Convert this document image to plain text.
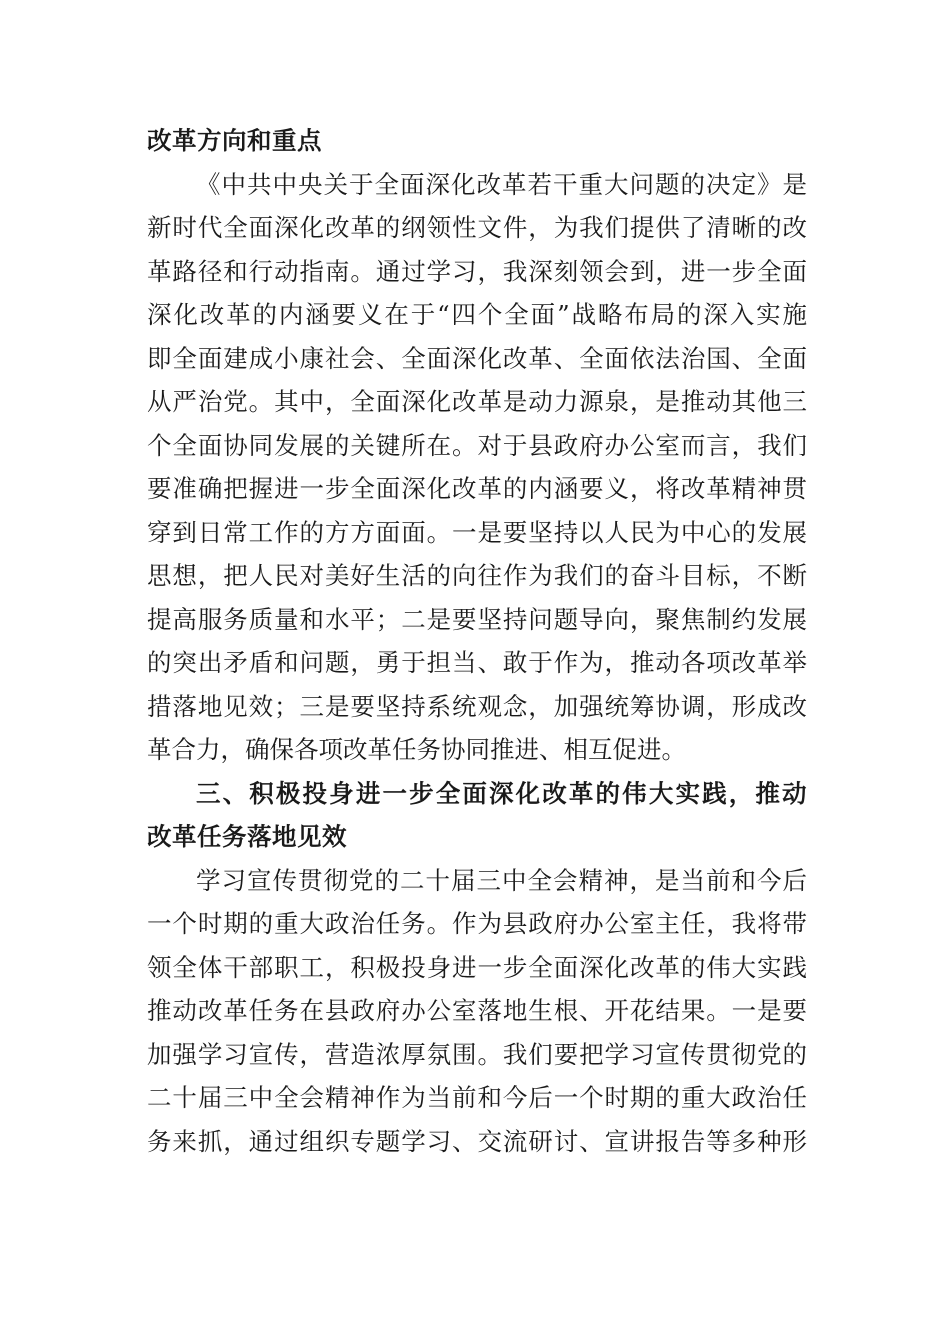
改革方向和重点
《中共中央关于全面深化改革若干重大问题的决定》是
新时代全面深化改革的纲领性文件，为我们提供了清晰的改
革路径和行动指南。通过学习，我深刻领会到，进一步全面
深化改革的内涵要义在于“四个全面”战略布局的深入实施
即全面建成小康社会、全面深化改革、全面依法治国、全面
从严治党。其中，全面深化改革是动力源泉，是推动其他三
个全面协同发展的关键所在。对于县政府办公室而言，我们
要准确把握进一步全面深化改革的内涵要义，将改革精神贯
穿到日常工作的方方面面。一是要坚持以人民为中心的发展
思想，把人民对美好生活的向往作为我们的奋斗目标，不断
提高服务质量和水平；二是要坚持问题导向，聚焦制约发展
的突出矛盾和问题，勇于担当、敢于作为，推动各项改革举
措落地见效；三是要坚持系统观念，加强统筹协调，形成改
革合力，确保各项改革任务协同推进、相互促进。
三、积极投身进一步全面深化改革的伟大实践，推动
改革任务落地见效
学习宣传贯彻党的二十届三中全会精神，是当前和今后
一个时期的重大政治任务。作为县政府办公室主任，我将带
领全体干部职工，积极投身进一步全面深化改革的伟大实践
推动改革任务在县政府办公室落地生根、开花结果。一是要
加强学习宣传，营造浓厚氛围。我们要把学习宣传贯彻党的
二十届三中全会精神作为当前和今后一个时期的重大政治任
务来抓，通过组织专题学习、交流研讨、宣讲报告等多种形
